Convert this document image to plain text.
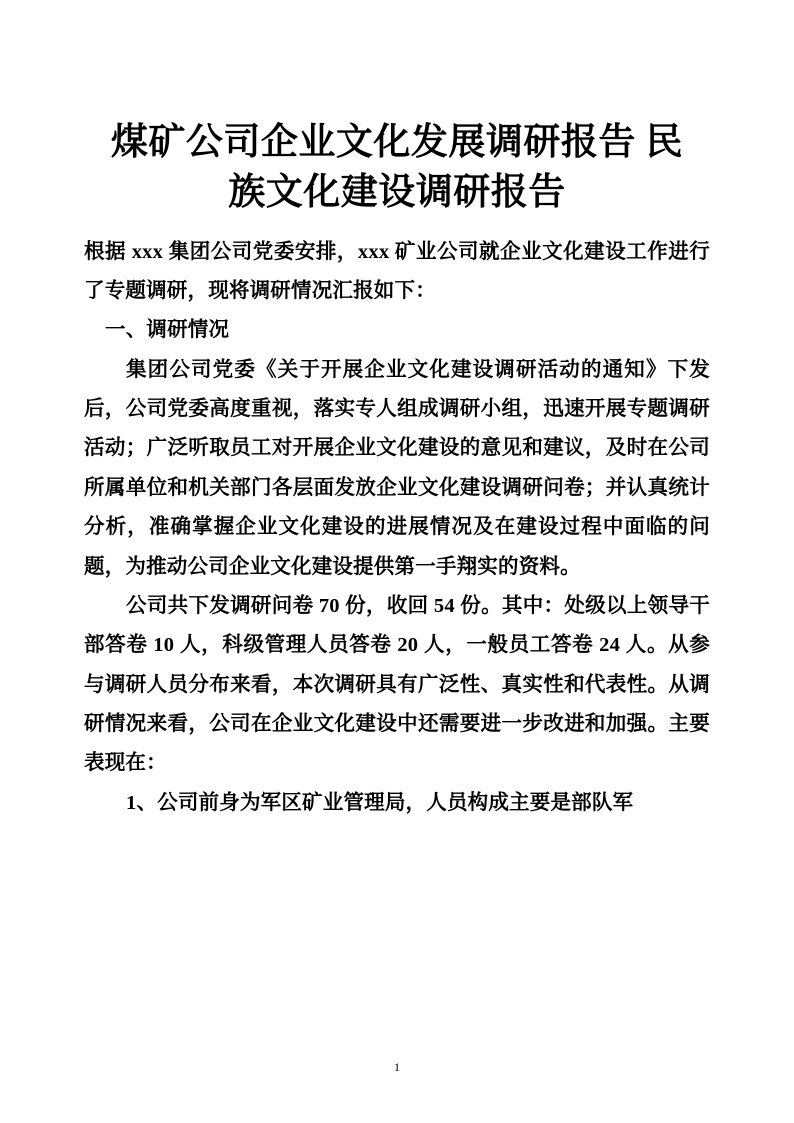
煤矿公司企业文化发展调研报告 民族文化建设调研报告

根据 xxx 集团公司党委安排，xxx 矿业公司就企业文化建设工作进行了专题调研，现将调研情况汇报如下：

一、调研情况

集团公司党委《关于开展企业文化建设调研活动的通知》下发后，公司党委高度重视，落实专人组成调研小组，迅速开展专题调研活动；广泛听取员工对开展企业文化建设的意见和建议，及时在公司所属单位和机关部门各层面发放企业文化建设调研问卷；并认真统计分析，准确掌握企业文化建设的进展情况及在建设过程中面临的问题，为推动公司企业文化建设提供第一手翔实的资料。

公司共下发调研问卷 70 份，收回 54 份。其中：处级以上领导干部答卷 10 人，科级管理人员答卷 20 人，一般员工答卷 24 人。从参与调研人员分布来看，本次调研具有广泛性、真实性和代表性。从调研情况来看，公司在企业文化建设中还需要进一步改进和加强。主要表现在：

1、公司前身为军区矿业管理局，人员构成主要是部队军

1
